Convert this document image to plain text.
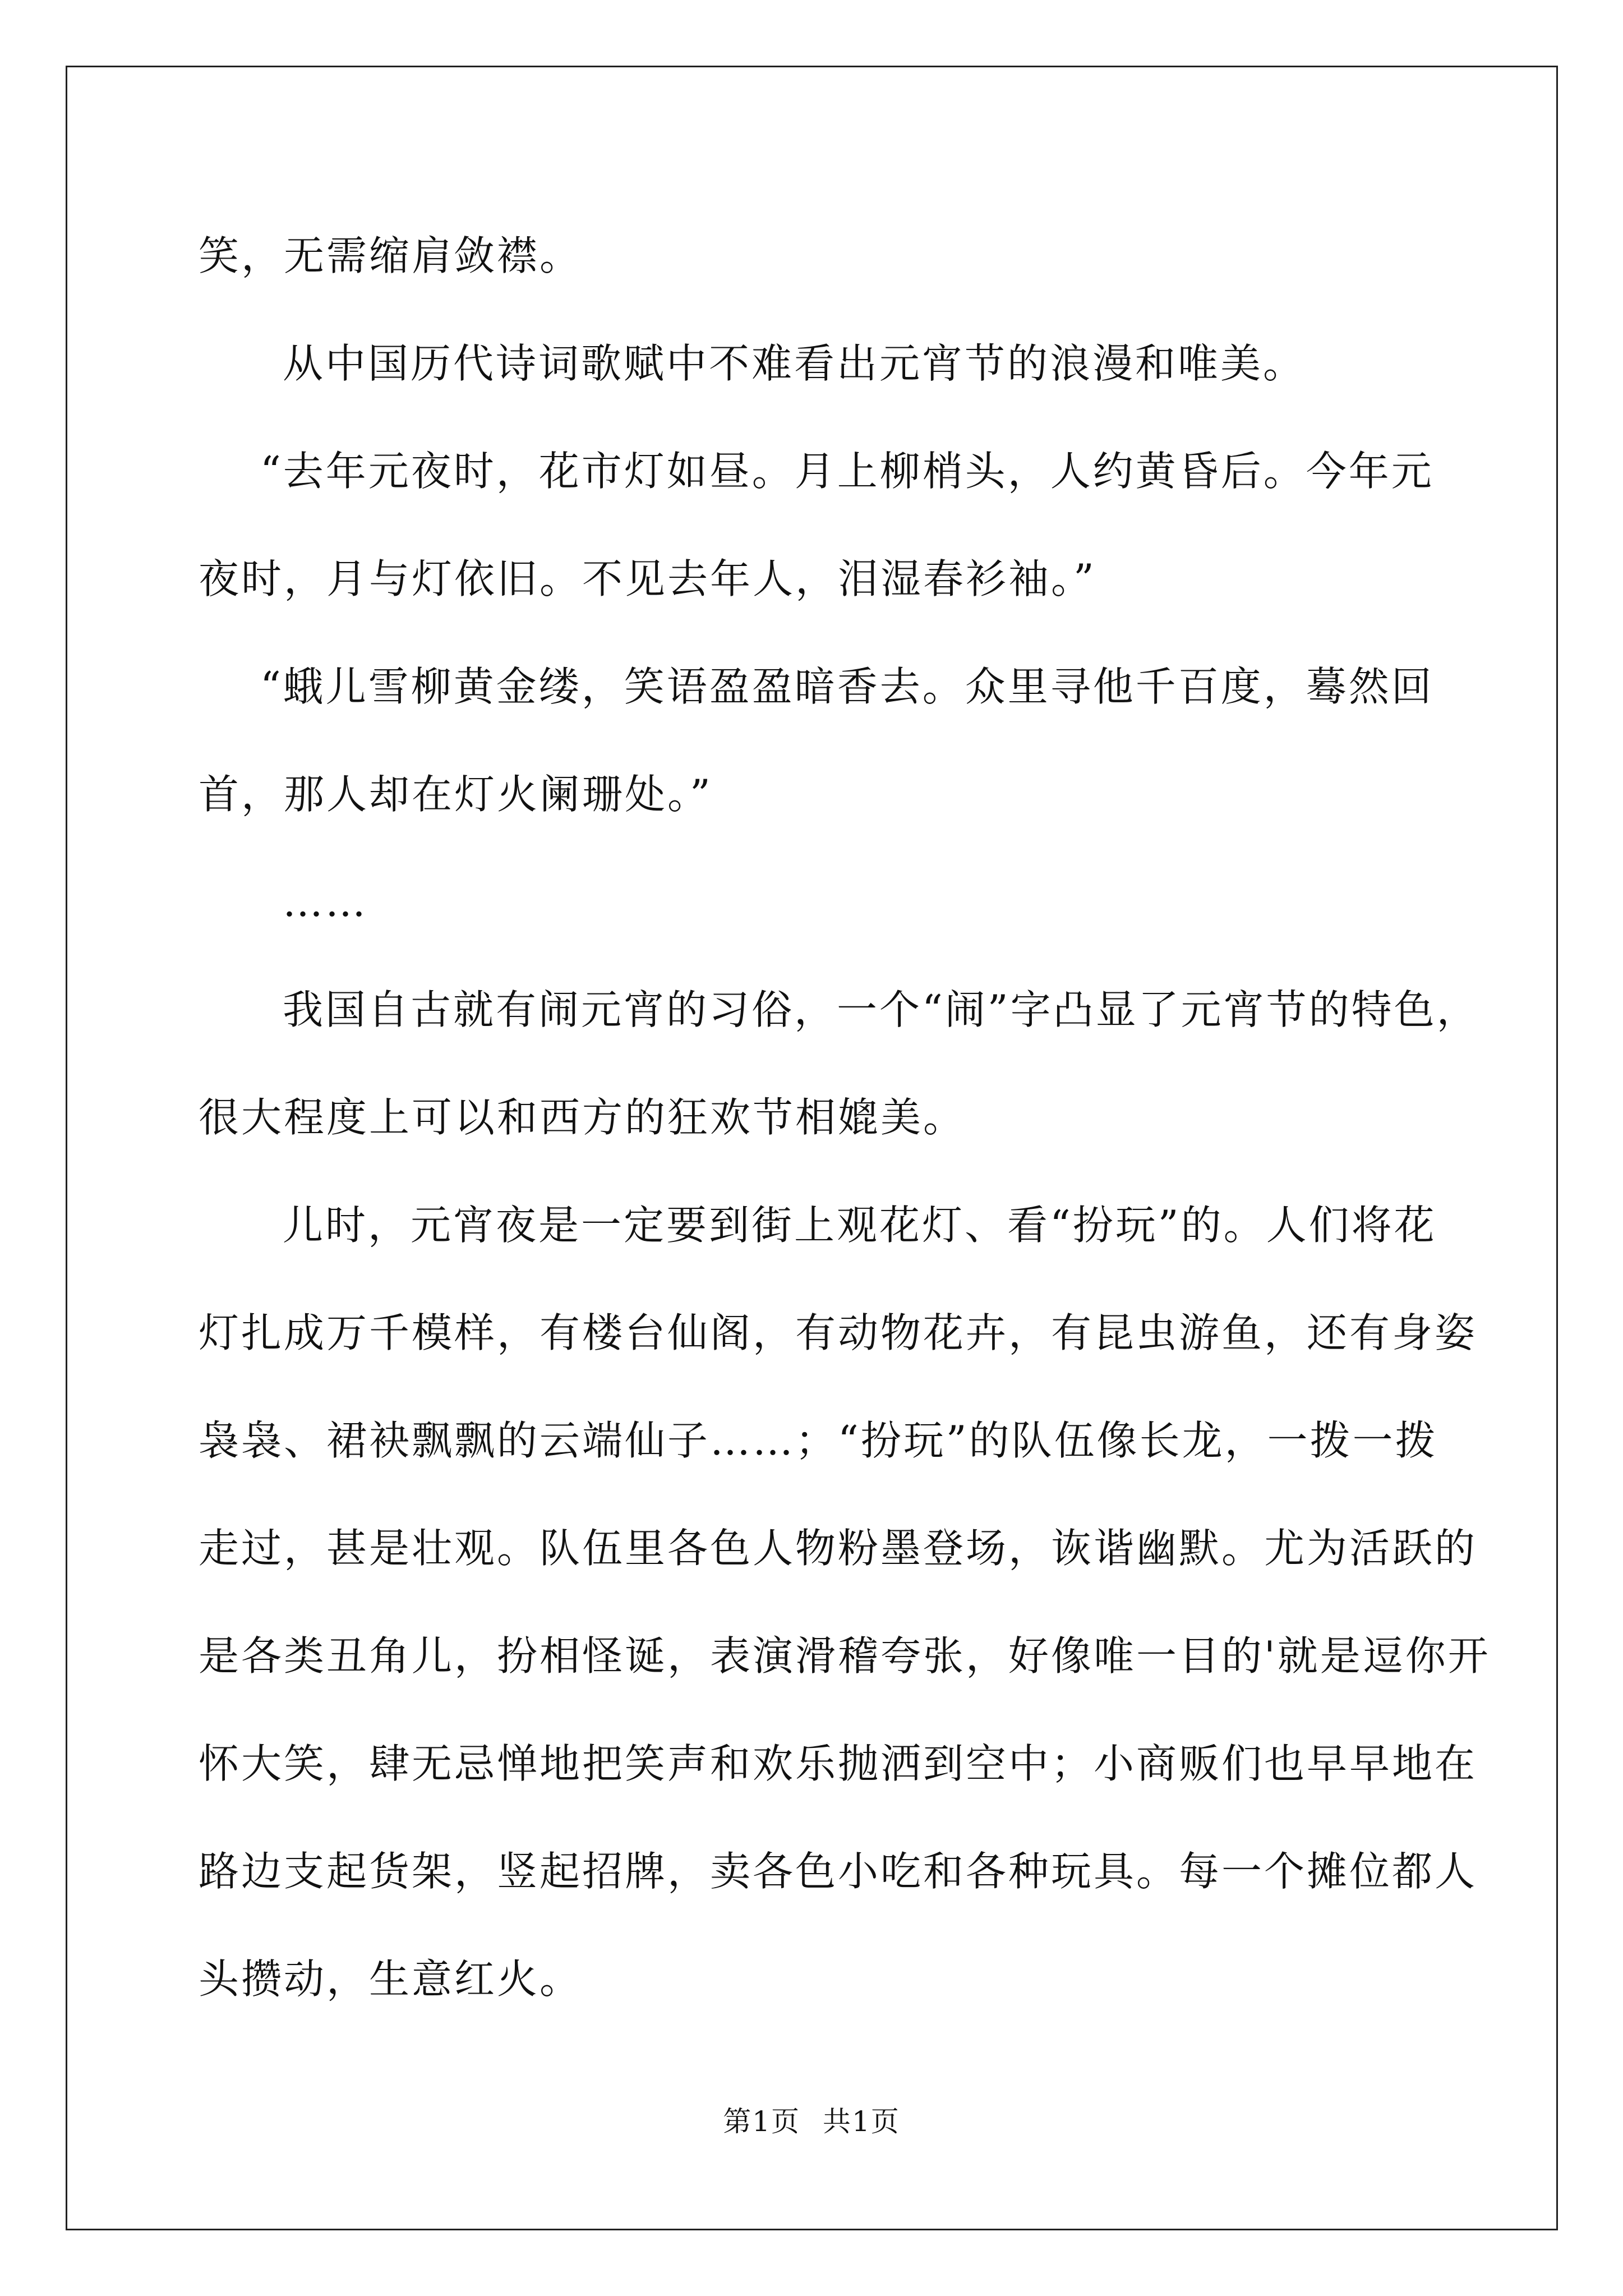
笑，无需缩肩敛襟。
从中国历代诗词歌赋中不难看出元宵节的浪漫和唯美。
“去年元夜时，花市灯如昼。月上柳梢头，人约黄昏后。今年元
夜时，月与灯依旧。不见去年人，泪湿春衫袖。”
“蛾儿雪柳黄金缕，笑语盈盈暗香去。众里寻他千百度，蓦然回
首，那人却在灯火阑珊处。”
……
我国自古就有闹元宵的习俗，一个“闹”字凸显了元宵节的特色，
很大程度上可以和西方的狂欢节相媲美。
儿时，元宵夜是一定要到街上观花灯、看“扮玩”的。人们将花
灯扎成万千模样，有楼台仙阁，有动物花卉，有昆虫游鱼，还有身姿
袅袅、裙袂飘飘的云端仙子……；“扮玩”的队伍像长龙，一拨一拨
走过，甚是壮观。队伍里各色人物粉墨登场，诙谐幽默。尤为活跃的
是各类丑角儿，扮相怪诞，表演滑稽夸张，好像唯一目的'就是逗你开
怀大笑，肆无忌惮地把笑声和欢乐抛洒到空中；小商贩们也早早地在
路边支起货架，竖起招牌，卖各色小吃和各种玩具。每一个摊位都人
头攒动，生意红火。
第1页 共1页
